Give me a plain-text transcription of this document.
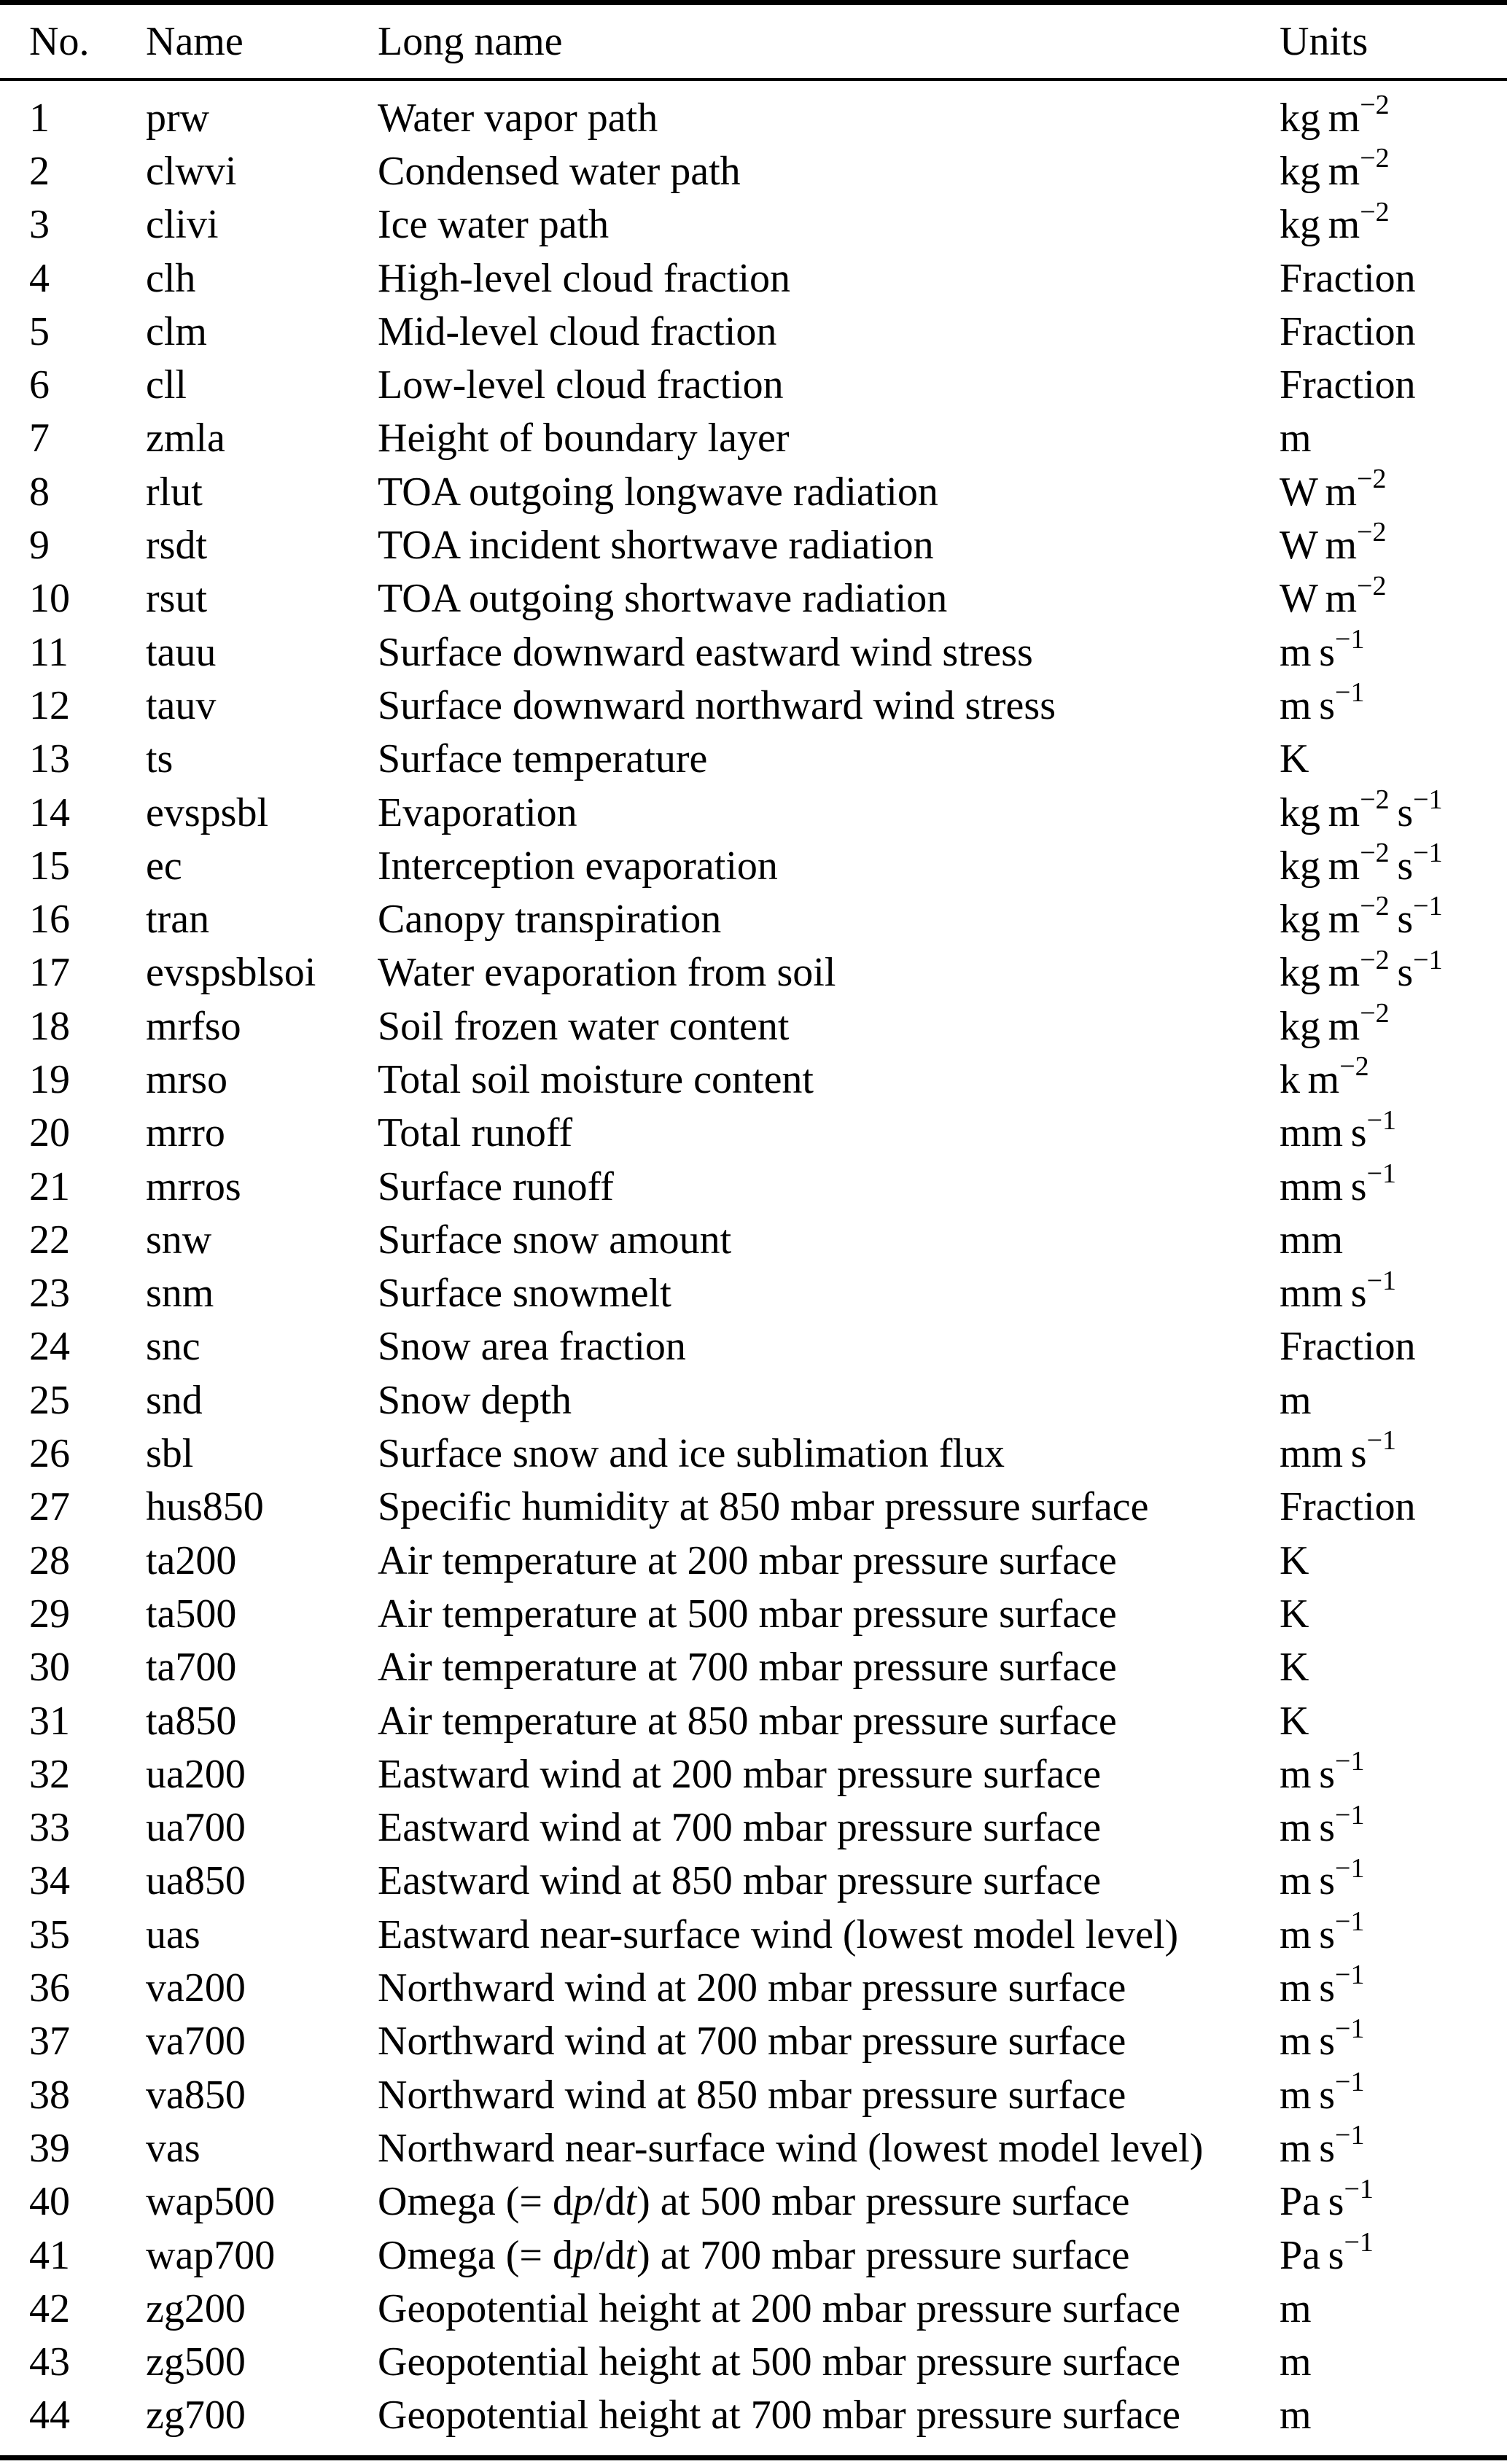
No.	Name	Long name	Units
1	prw	Water vapor path	kg $m^{-2}$
2	clwvi	Condensed water path	kg $m^{-2}$
3	clivi	Ice water path	kg $m^{-2}$
4	clh	High-level cloud fraction	Fraction
5	clm	Mid-level cloud fraction	Fraction
6	cll	Low-level cloud fraction	Fraction
7	zmla	Height of boundary layer	m
8	rlut	TOA outgoing longwave radiation	W $m^{-2}$
9	rsdt	TOA incident shortwave radiation	W $m^{-2}$
10	rsut	TOA outgoing shortwave radiation	W $m^{-2}$
11	tauu	Surface downward eastward wind stress	m $s^{-1}$
12	tauv	Surface downward northward wind stress	m $s^{-1}$
13	ts	Surface temperature	K
14	evspsbl	Evaporation	kg $m^{-2}$ $s^{-1}$
15	ec	Interception evaporation	kg $m^{-2}$ $s^{-1}$
16	tran	Canopy transpiration	kg $m^{-2}$ $s^{-1}$
17	evspsblsoi	Water evaporation from soil	kg $m^{-2}$ $s^{-1}$
18	mrfso	Soil frozen water content	kg $m^{-2}$
19	mrso	Total soil moisture content	k $m^{-2}$
20	mrro	Total runoff	mm $s^{-1}$
21	mrros	Surface runoff	mm $s^{-1}$
22	snw	Surface snow amount	mm
23	snm	Surface snowmelt	mm $s^{-1}$
24	snc	Snow area fraction	Fraction
25	snd	Snow depth	m
26	sbl	Surface snow and ice sublimation flux	mm $s^{-1}$
27	hus850	Specific humidity at 850 mbar pressure surface	Fraction
28	ta200	Air temperature at 200 mbar pressure surface	K
29	ta500	Air temperature at 500 mbar pressure surface	K
30	ta700	Air temperature at 700 mbar pressure surface	K
31	ta850	Air temperature at 850 mbar pressure surface	K
32	ua200	Eastward wind at 200 mbar pressure surface	m $s^{-1}$
33	ua700	Eastward wind at 700 mbar pressure surface	m $s^{-1}$
34	ua850	Eastward wind at 850 mbar pressure surface	m $s^{-1}$
35	uas	Eastward near-surface wind (lowest model level)	m $s^{-1}$
36	va200	Northward wind at 200 mbar pressure surface	m $s^{-1}$
37	va700	Northward wind at 700 mbar pressure surface	m $s^{-1}$
38	va850	Northward wind at 850 mbar pressure surface	m $s^{-1}$
39	vas	Northward near-surface wind (lowest model level)	m $s^{-1}$
40	wap500	Omega (= dp/dt) at 500 mbar pressure surface	Pa $s^{-1}$
41	wap700	Omega (= dp/dt) at 700 mbar pressure surface	Pa $s^{-1}$
42	zg200	Geopotential height at 200 mbar pressure surface	m
43	zg500	Geopotential height at 500 mbar pressure surface	m
44	zg700	Geopotential height at 700 mbar pressure surface	m
